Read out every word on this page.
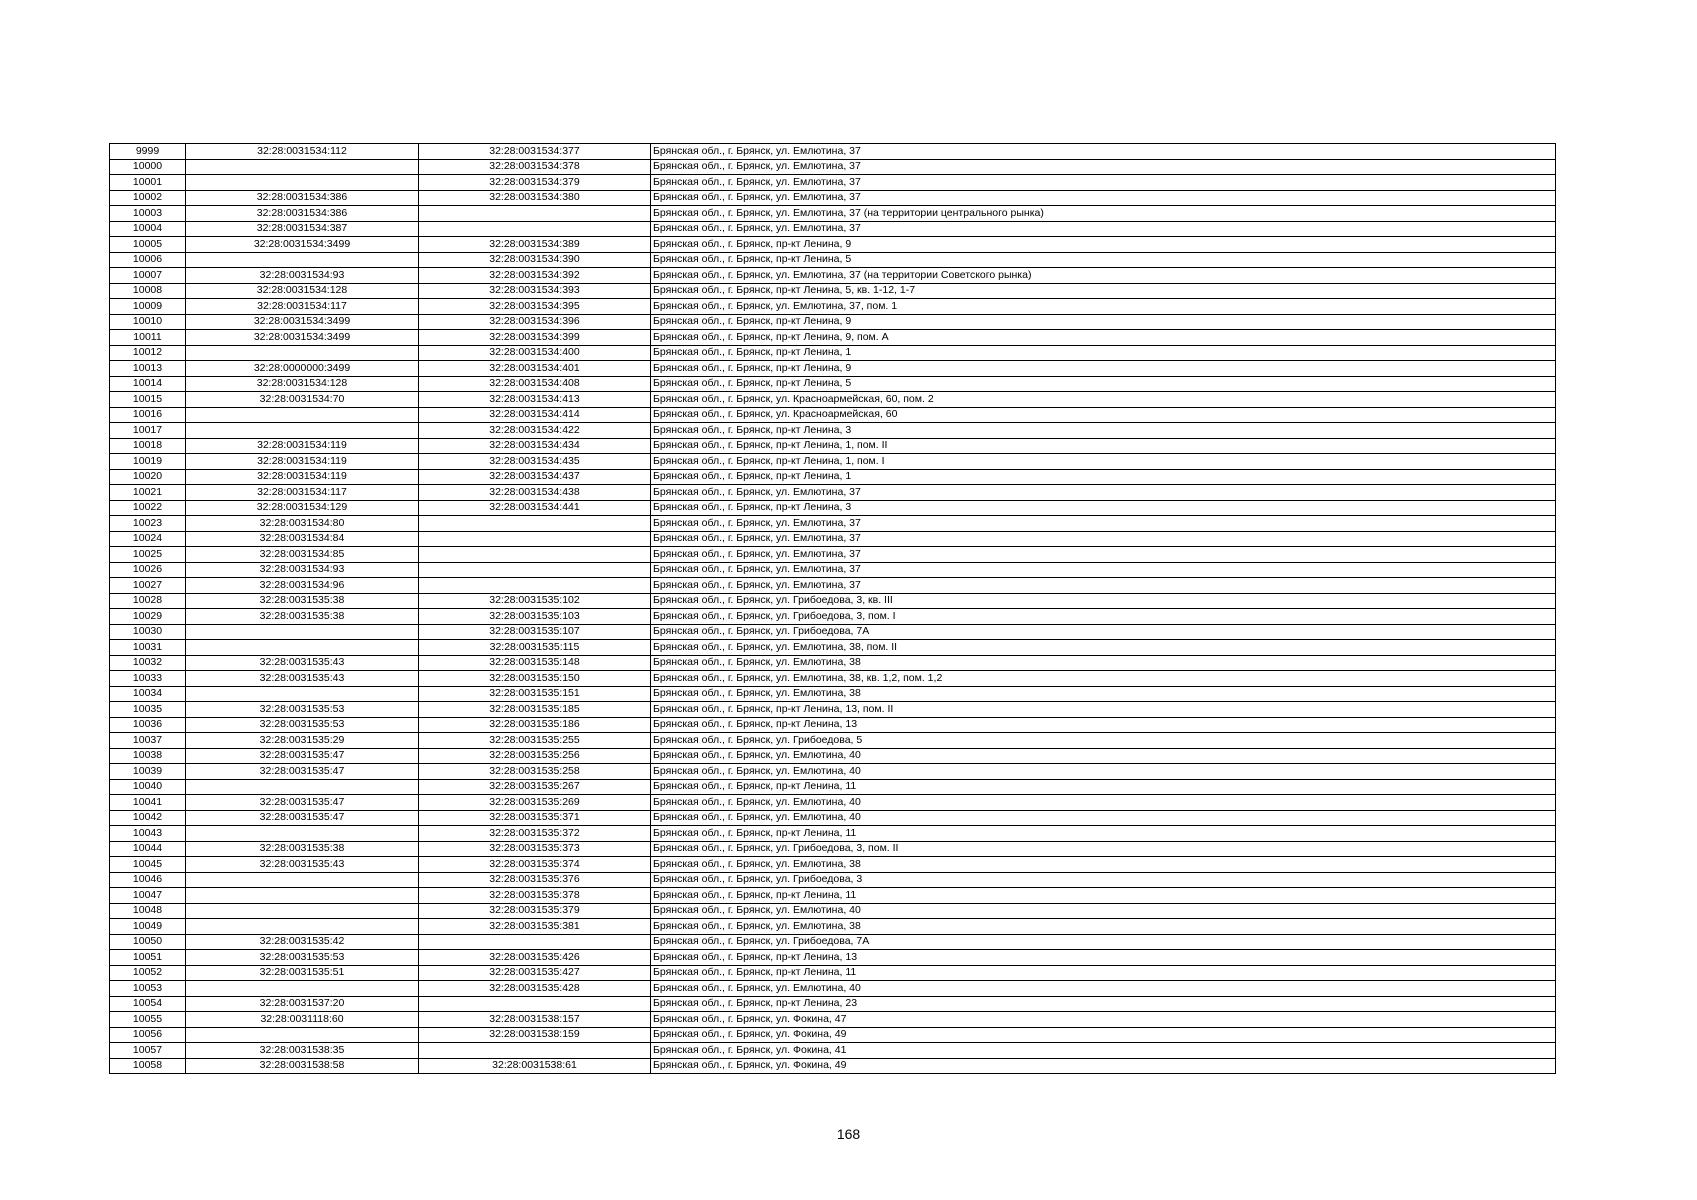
9999	32:28:0031534:112	32:28:0031534:377	Брянская обл., г. Брянск, ул. Емлютина, 37
10000		32:28:0031534:378	Брянская обл., г. Брянск, ул. Емлютина, 37
10001		32:28:0031534:379	Брянская обл., г. Брянск, ул. Емлютина, 37
10002	32:28:0031534:386	32:28:0031534:380	Брянская обл., г. Брянск, ул. Емлютина, 37
10003	32:28:0031534:386		Брянская обл., г. Брянск, ул. Емлютина, 37 (на территории центрального рынка)
10004	32:28:0031534:387		Брянская обл., г. Брянск, ул. Емлютина, 37
10005	32:28:0031534:3499	32:28:0031534:389	Брянская обл., г. Брянск, пр-кт Ленина, 9
10006		32:28:0031534:390	Брянская обл., г. Брянск, пр-кт Ленина, 5
10007	32:28:0031534:93	32:28:0031534:392	Брянская обл., г. Брянск, ул. Емлютина, 37 (на территории Советского рынка)
10008	32:28:0031534:128	32:28:0031534:393	Брянская обл., г. Брянск, пр-кт Ленина, 5, кв. 1-12, 1-7
10009	32:28:0031534:117	32:28:0031534:395	Брянская обл., г. Брянск, ул. Емлютина, 37, пом. 1
10010	32:28:0031534:3499	32:28:0031534:396	Брянская обл., г. Брянск, пр-кт Ленина, 9
10011	32:28:0031534:3499	32:28:0031534:399	Брянская обл., г. Брянск, пр-кт Ленина, 9, пом. А
10012		32:28:0031534:400	Брянская обл., г. Брянск, пр-кт Ленина, 1
10013	32:28:0000000:3499	32:28:0031534:401	Брянская обл., г. Брянск, пр-кт Ленина, 9
10014	32:28:0031534:128	32:28:0031534:408	Брянская обл., г. Брянск, пр-кт Ленина, 5
10015	32:28:0031534:70	32:28:0031534:413	Брянская обл., г. Брянск, ул. Красноармейская, 60, пом. 2
10016		32:28:0031534:414	Брянская обл., г. Брянск, ул. Красноармейская, 60
10017		32:28:0031534:422	Брянская обл., г. Брянск, пр-кт Ленина, 3
10018	32:28:0031534:119	32:28:0031534:434	Брянская обл., г. Брянск, пр-кт Ленина, 1, пом. II
10019	32:28:0031534:119	32:28:0031534:435	Брянская обл., г. Брянск, пр-кт Ленина, 1, пом. I
10020	32:28:0031534:119	32:28:0031534:437	Брянская обл., г. Брянск, пр-кт Ленина, 1
10021	32:28:0031534:117	32:28:0031534:438	Брянская обл., г. Брянск, ул. Емлютина, 37
10022	32:28:0031534:129	32:28:0031534:441	Брянская обл., г. Брянск, пр-кт Ленина, 3
10023	32:28:0031534:80		Брянская обл., г. Брянск, ул. Емлютина, 37
10024	32:28:0031534:84		Брянская обл., г. Брянск, ул. Емлютина, 37
10025	32:28:0031534:85		Брянская обл., г. Брянск, ул. Емлютина, 37
10026	32:28:0031534:93		Брянская обл., г. Брянск, ул. Емлютина, 37
10027	32:28:0031534:96		Брянская обл., г. Брянск, ул. Емлютина, 37
10028	32:28:0031535:38	32:28:0031535:102	Брянская обл., г. Брянск, ул. Грибоедова, 3, кв. III
10029	32:28:0031535:38	32:28:0031535:103	Брянская обл., г. Брянск, ул. Грибоедова, 3, пом. I
10030		32:28:0031535:107	Брянская обл., г. Брянск, ул. Грибоедова, 7А
10031		32:28:0031535:115	Брянская обл., г. Брянск, ул. Емлютина, 38, пом. II
10032	32:28:0031535:43	32:28:0031535:148	Брянская обл., г. Брянск, ул. Емлютина, 38
10033	32:28:0031535:43	32:28:0031535:150	Брянская обл., г. Брянск, ул. Емлютина, 38, кв. 1,2, пом. 1,2
10034		32:28:0031535:151	Брянская обл., г. Брянск, ул. Емлютина, 38
10035	32:28:0031535:53	32:28:0031535:185	Брянская обл., г. Брянск, пр-кт Ленина, 13, пом. II
10036	32:28:0031535:53	32:28:0031535:186	Брянская обл., г. Брянск, пр-кт Ленина, 13
10037	32:28:0031535:29	32:28:0031535:255	Брянская обл., г. Брянск, ул. Грибоедова, 5
10038	32:28:0031535:47	32:28:0031535:256	Брянская обл., г. Брянск, ул. Емлютина, 40
10039	32:28:0031535:47	32:28:0031535:258	Брянская обл., г. Брянск, ул. Емлютина, 40
10040		32:28:0031535:267	Брянская обл., г. Брянск, пр-кт Ленина, 11
10041	32:28:0031535:47	32:28:0031535:269	Брянская обл., г. Брянск, ул. Емлютина, 40
10042	32:28:0031535:47	32:28:0031535:371	Брянская обл., г. Брянск, ул. Емлютина, 40
10043		32:28:0031535:372	Брянская обл., г. Брянск, пр-кт Ленина, 11
10044	32:28:0031535:38	32:28:0031535:373	Брянская обл., г. Брянск, ул. Грибоедова, 3, пом. II
10045	32:28:0031535:43	32:28:0031535:374	Брянская обл., г. Брянск, ул. Емлютина, 38
10046		32:28:0031535:376	Брянская обл., г. Брянск, ул. Грибоедова, 3
10047		32:28:0031535:378	Брянская обл., г. Брянск, пр-кт Ленина, 11
10048		32:28:0031535:379	Брянская обл., г. Брянск, ул. Емлютина, 40
10049		32:28:0031535:381	Брянская обл., г. Брянск, ул. Емлютина, 38
10050	32:28:0031535:42		Брянская обл., г. Брянск, ул. Грибоедова, 7А
10051	32:28:0031535:53	32:28:0031535:426	Брянская обл., г. Брянск, пр-кт Ленина, 13
10052	32:28:0031535:51	32:28:0031535:427	Брянская обл., г. Брянск, пр-кт Ленина, 11
10053		32:28:0031535:428	Брянская обл., г. Брянск, ул. Емлютина, 40
10054	32:28:0031537:20		Брянская обл., г. Брянск, пр-кт Ленина, 23
10055	32:28:0031118:60	32:28:0031538:157	Брянская обл., г. Брянск, ул. Фокина, 47
10056		32:28:0031538:159	Брянская обл., г. Брянск, ул. Фокина, 49
10057	32:28:0031538:35		Брянская обл., г. Брянск, ул. Фокина, 41
10058	32:28:0031538:58	32:28:0031538:61	Брянская обл., г. Брянск, ул. Фокина, 49
168
